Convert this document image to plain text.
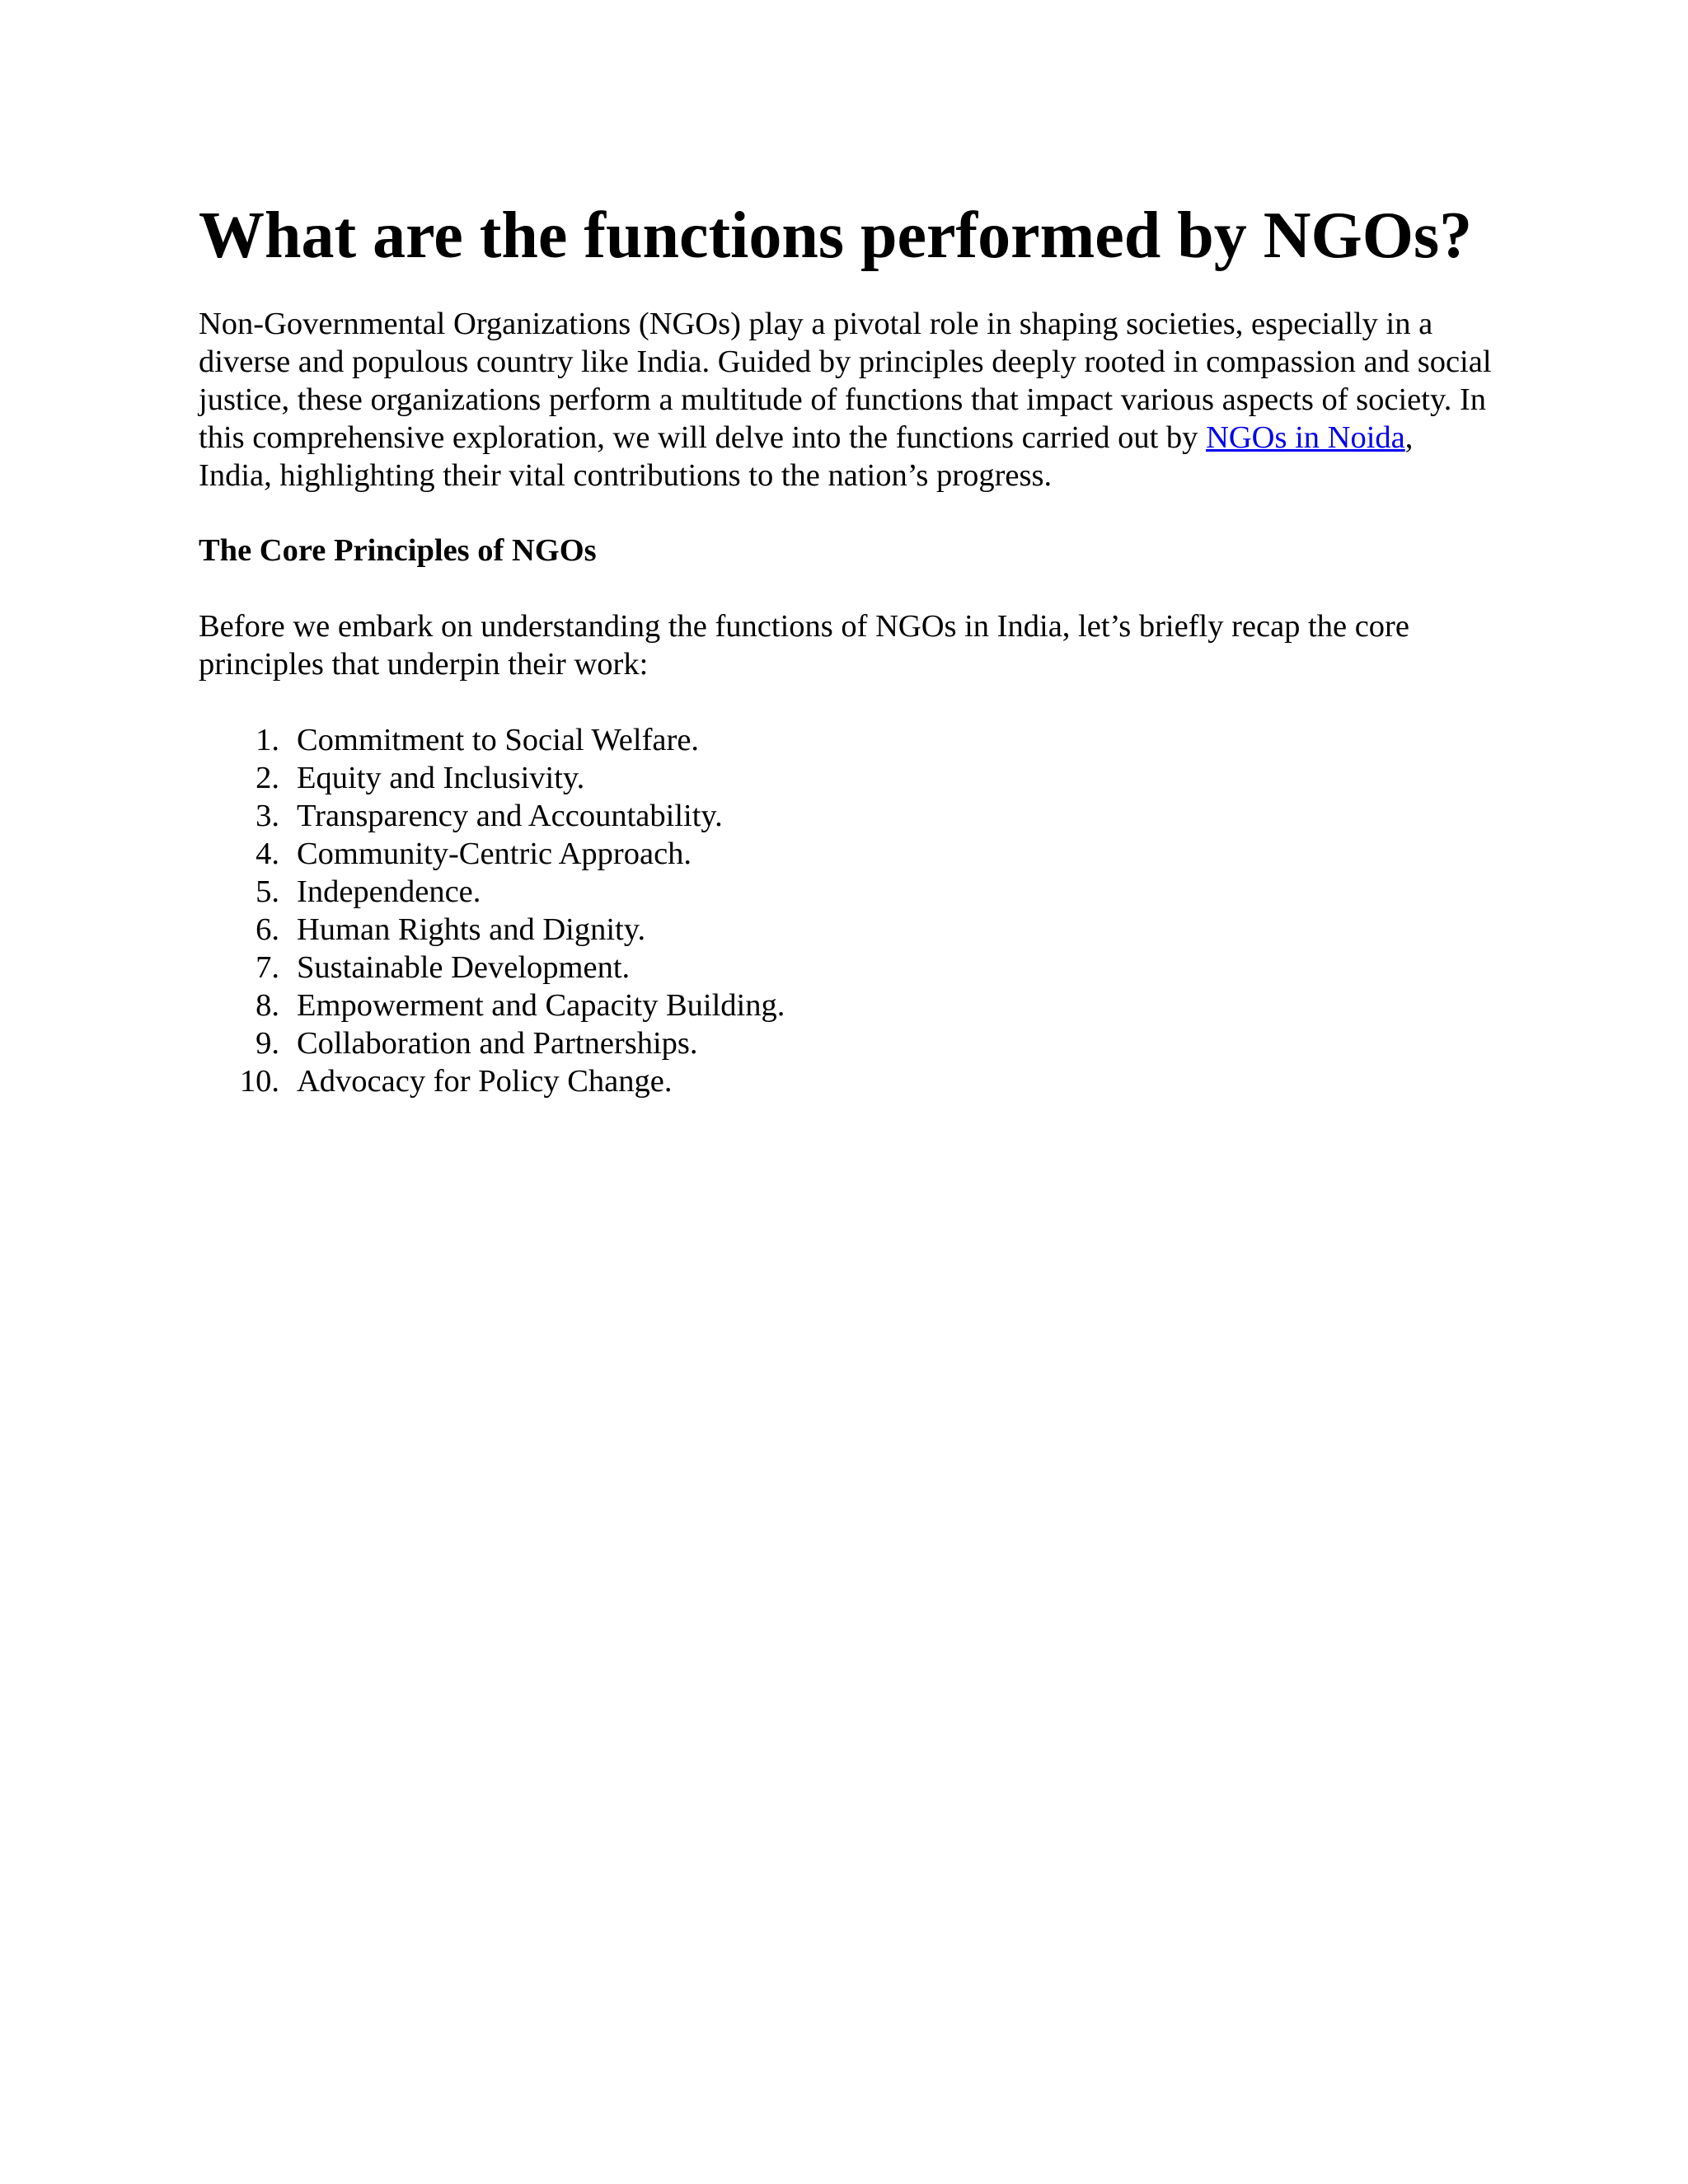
What are the functions performed by NGOs?

Non-Governmental Organizations (NGOs) play a pivotal role in shaping societies, especially in a diverse and populous country like India. Guided by principles deeply rooted in compassion and social justice, these organizations perform a multitude of functions that impact various aspects of society. In this comprehensive exploration, we will delve into the functions carried out by NGOs in Noida, India, highlighting their vital contributions to the nation’s progress.

The Core Principles of NGOs

Before we embark on understanding the functions of NGOs in India, let’s briefly recap the core principles that underpin their work:

1. Commitment to Social Welfare.
2. Equity and Inclusivity.
3. Transparency and Accountability.
4. Community-Centric Approach.
5. Independence.
6. Human Rights and Dignity.
7. Sustainable Development.
8. Empowerment and Capacity Building.
9. Collaboration and Partnerships.
10. Advocacy for Policy Change.
